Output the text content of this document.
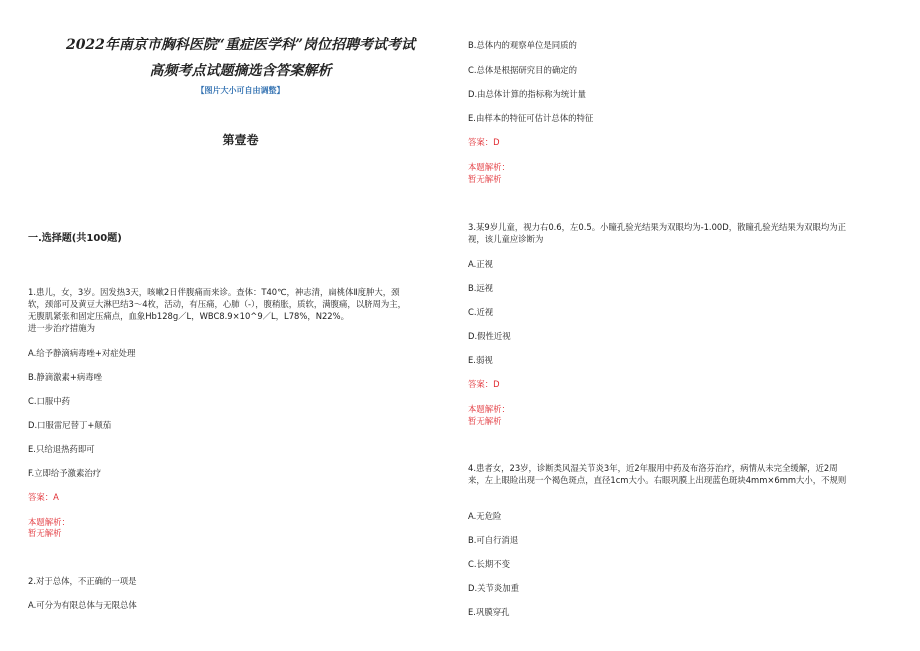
2022年南京市胸科医院“重症医学科”岗位招聘考试考试
高频考点试题摘选含答案解析
【图片大小可自由调整】
第壹卷
一.选择题(共100题)
1.患儿，女，3岁。因发热3天，咳嗽2日伴腹痛而来诊。查体：T40℃，神志清，扁桃体Ⅱ度肿大，颈
软，颈部可及黄豆大淋巴结3～4枚，活动，有压痛，心肺（-），腹稍胀，质软，满腹痛，以脐周为主，
无腹肌紧张和固定压痛点，血象Hb128g／L，WBC8.9×10^9／L，L78%，N22%。
进一步治疗措施为
A.给予静滴病毒唑+对症处理
B.静滴激素+病毒唑
C.口服中药
D.口服雷尼替丁+颠茄
E.只给退热药即可
F.立即给予激素治疗
答案：A
本题解析：
暂无解析
2.对于总体，不正确的一项是
A.可分为有限总体与无限总体
B.总体内的观察单位是同质的
C.总体是根据研究目的确定的
D.由总体计算的指标称为统计量
E.由样本的特征可估计总体的特征
答案：D
本题解析：
暂无解析
3.某9岁儿童，视力右0.6，左0.5。小瞳孔验光结果为双眼均为-1.00D，散瞳孔验光结果为双眼均为正
视，该儿童应诊断为
A.正视
B.远视
C.近视
D.假性近视
E.弱视
答案：D
本题解析：
暂无解析
4.患者女，23岁，诊断类风湿关节炎3年，近2年服用中药及布洛芬治疗，病情从未完全缓解，近2周
来，左上眼睑出现一个褐色斑点，直径1cm大小。右眼巩膜上出现蓝色斑块4mm×6mm大小，不规则
A.无危险
B.可自行消退
C.长期不变
D.关节炎加重
E.巩膜穿孔
